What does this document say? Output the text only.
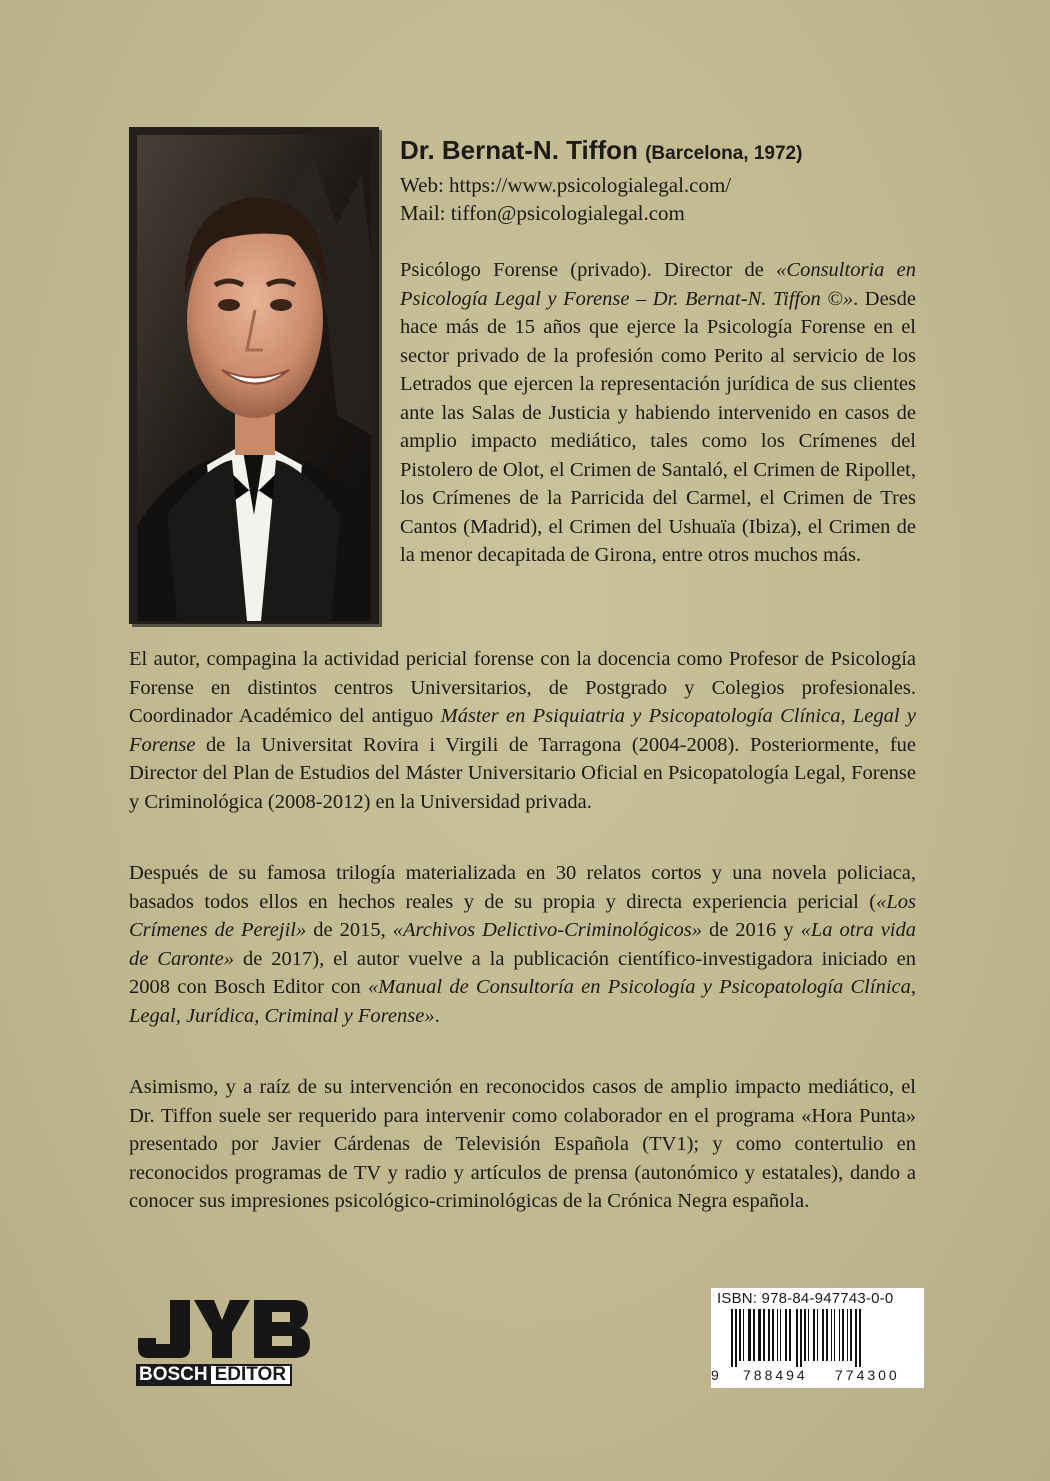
Dr. Bernat-N. Tiffon (Barcelona, 1972)
Web: https://www.psicologialegal.com/
Mail: tiffon@psicologialegal.com

Psicólogo Forense (privado). Director de «Consultoria en Psicología Legal y Forense – Dr. Bernat-N. Tiffon ©». Desde hace más de 15 años que ejerce la Psicología Forense en el sector privado de la profesión como Perito al servicio de los Letrados que ejercen la representación jurídica de sus clientes ante las Salas de Justicia y habiendo intervenido en casos de amplio impacto mediático, tales como los Crímenes del Pistolero de Olot, el Crimen de Santaló, el Crimen de Ripollet, los Crímenes de la Parricida del Carmel, el Crimen de Tres Cantos (Madrid), el Crimen del Ushuaïa (Ibiza), el Crimen de la menor decapitada de Girona, entre otros muchos más.

El autor, compagina la actividad pericial forense con la docencia como Profesor de Psicología Forense en distintos centros Universitarios, de Postgrado y Colegios profesionales. Coordinador Académico del antiguo Máster en Psiquiatria y Psicopatología Clínica, Legal y Forense de la Universitat Rovira i Virgili de Tarragona (2004-2008). Posteriormente, fue Director del Plan de Estudios del Máster Universitario Oficial en Psicopatología Legal, Forense y Criminológica (2008-2012) en la Universidad privada.

Después de su famosa trilogía materializada en 30 relatos cortos y una novela policiaca, basados todos ellos en hechos reales y de su propia y directa experiencia pericial («Los Crímenes de Perejil» de 2015, «Archivos Delictivo-Criminológicos» de 2016 y «La otra vida de Caronte» de 2017), el autor vuelve a la publicación científico-investigadora iniciado en 2008 con Bosch Editor con «Manual de Consultoría en Psicología y Psicopatología Clínica, Legal, Jurídica, Criminal y Forense».

Asimismo, y a raíz de su intervención en reconocidos casos de amplio impacto mediático, el Dr. Tiffon suele ser requerido para intervenir como colaborador en el programa «Hora Punta» presentado por Javier Cárdenas de Televisión Española (TV1); y como contertulio en reconocidos programas de TV y radio y artículos de prensa (autonómico y estatales), dando a conocer sus impresiones psicológico-criminológicas de la Crónica Negra española.

BOSCH EDITOR
ISBN: 978-84-947743-0-0
9 788494 774300
